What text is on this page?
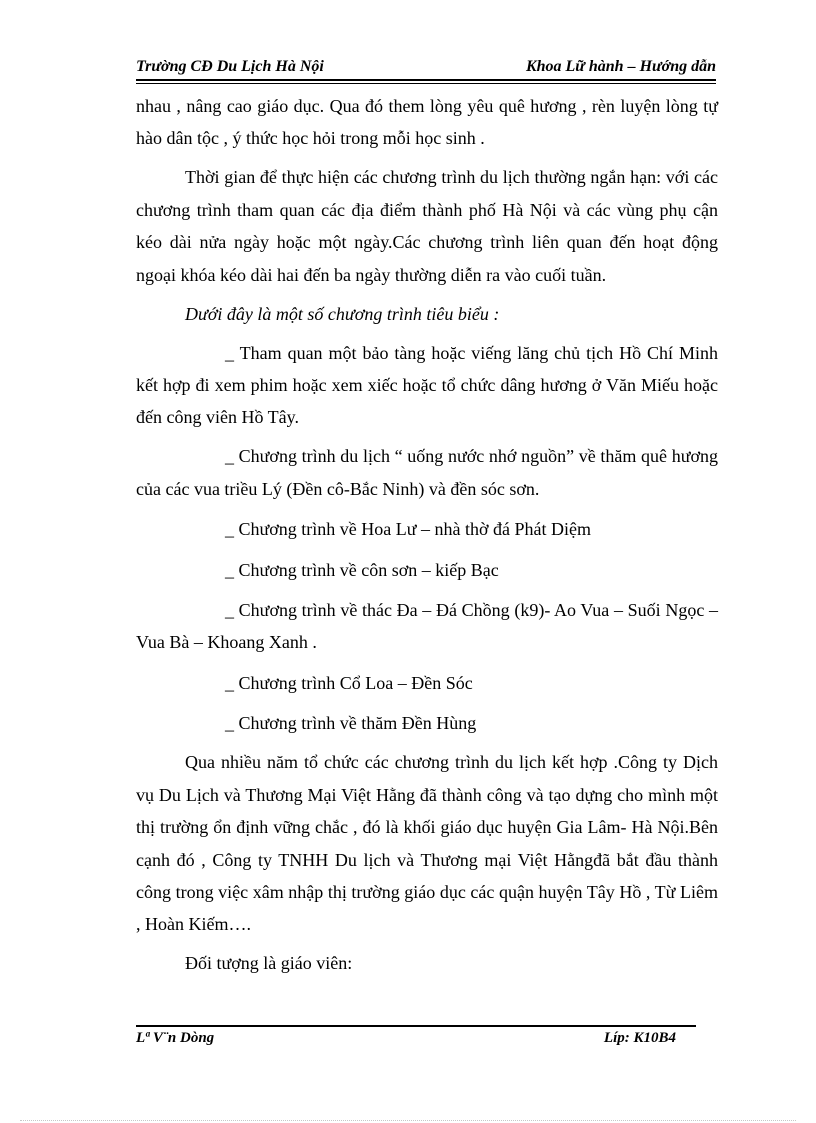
Trường CĐ Du Lịch Hà Nội	Khoa Lữ hành – Hướng dẫn

nhau , nâng cao giáo dục. Qua đó them lòng yêu quê hương , rèn luyện lòng tự hào dân tộc , ý thức học hỏi trong mỗi học sinh .

Thời gian để thực hiện các chương trình du lịch thường ngắn hạn: với các chương trình tham quan các địa điểm thành phố Hà Nội và các vùng phụ cận kéo dài nửa ngày hoặc một ngày.Các chương trình liên quan đến hoạt động ngoại khóa kéo dài hai đến ba ngày thường diễn ra vào cuối tuần.

Dưới đây là một số chương trình tiêu biểu :

_ Tham quan một bảo tàng hoặc viếng lăng chủ tịch Hồ Chí Minh kết hợp đi xem phim hoặc xem xiếc hoặc tổ chức dâng hương ở Văn Miếu hoặc đến công viên Hồ Tây.

_ Chương trình du lịch “ uống nước nhớ nguồn” về thăm quê hương của các vua triều Lý (Đền cô-Bắc Ninh) và đền sóc sơn.

_ Chương trình về Hoa Lư – nhà thờ đá Phát Diệm

_ Chương trình về côn sơn – kiếp Bạc

_ Chương trình về thác Đa – Đá Chồng (k9)- Ao Vua – Suối Ngọc – Vua Bà – Khoang Xanh .

_ Chương trình Cổ Loa – Đền Sóc

_ Chương trình về thăm Đền Hùng

Qua nhiều năm tổ chức các chương trình du lịch kết hợp .Công ty Dịch vụ Du Lịch và Thương Mại Việt Hằng đã thành công và tạo dựng cho mình một thị trường ổn định vững chắc , đó là khối giáo dục huyện Gia Lâm- Hà Nội.Bên cạnh đó , Công ty TNHH Du lịch và Thương mại Việt Hằngđã bắt đầu thành công trong việc xâm nhập thị trường giáo dục các quận huyện Tây Hồ , Từ Liêm , Hoàn Kiếm….

Đối tượng là giáo viên:

Lª V¨n Dòng	Líp: K10B4
